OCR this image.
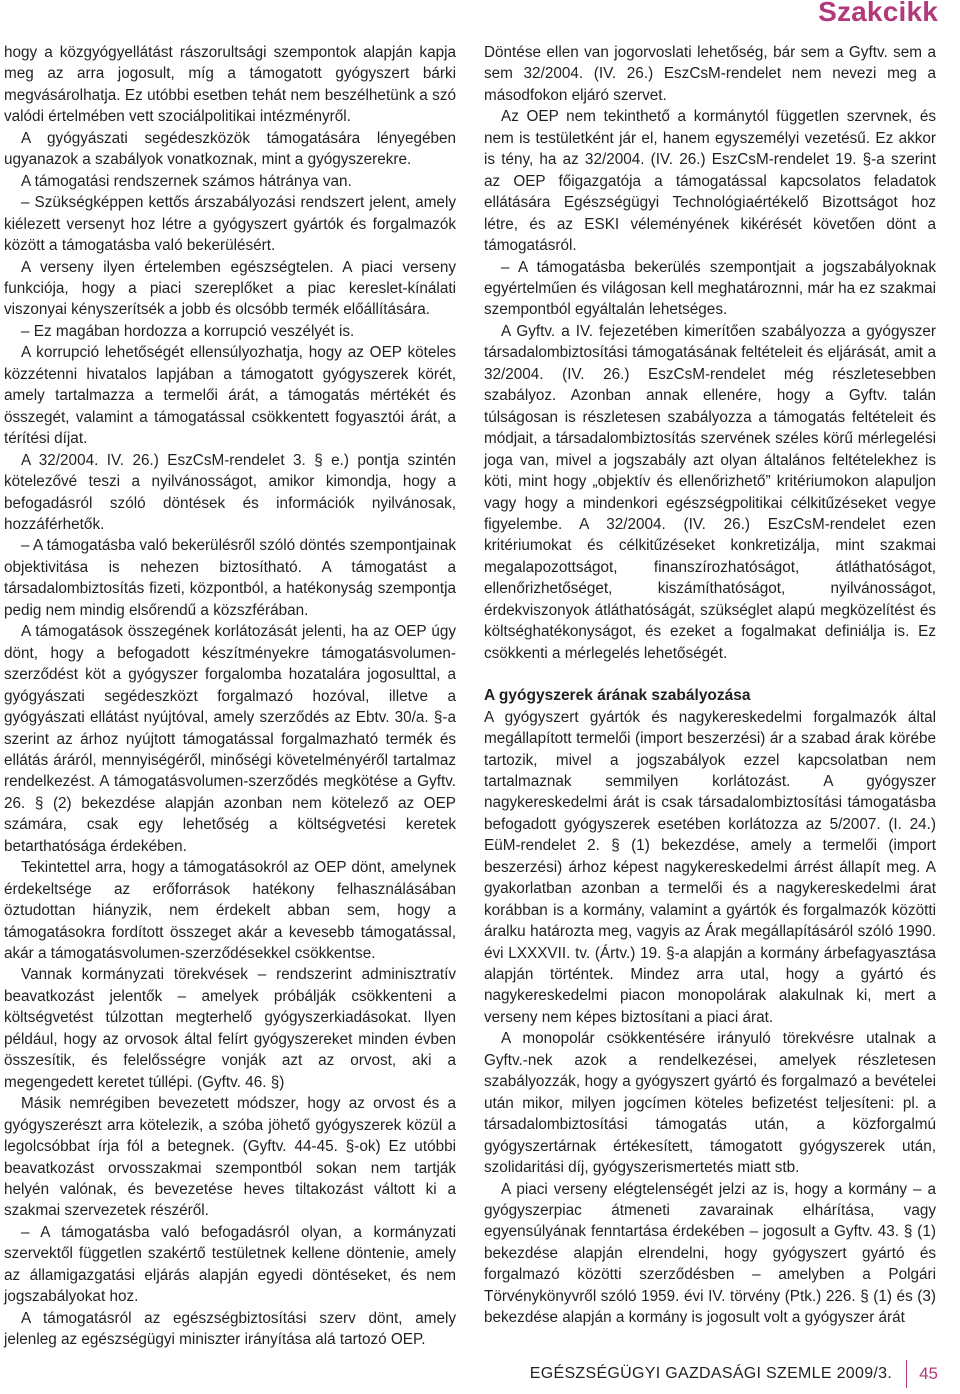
Szakcikk

hogy a közgyógyellátást rászorultsági szempontok alapján kapja meg az arra jogosult, míg a támogatott gyógyszert bárki megvásárolhatja. Ez utóbbi esetben tehát nem beszélhetünk a szó valódi értelmében vett szociálpolitikai intézményről.

A gyógyászati segédeszközök támogatására lényegében ugyanazok a szabályok vonatkoznak, mint a gyógyszerekre.

A támogatási rendszernek számos hátránya van.

– Szükségképpen kettős árszabályozási rendszert jelent, amely kiélezett versenyt hoz létre a gyógyszert gyártók és forgalmazók között a támogatásba való bekerülésért.

A verseny ilyen értelemben egészségtelen. A piaci verseny funkciója, hogy a piaci szereplőket a piac kereslet-kínálati viszonyai kényszerítsék a jobb és olcsóbb termék előállítására.

– Ez magában hordozza a korrupció veszélyét is.

A korrupció lehetőségét ellensúlyozhatja, hogy az OEP köteles közzétenni hivatalos lapjában a támogatott gyógyszerek körét, amely tartalmazza a termelői árát, a támogatás mértékét és összegét, valamint a támogatással csökkentett fogyasztói árát, a térítési díjat.

A 32/2004. IV. 26.) EszCsM-rendelet 3. § e.) pontja szintén kötelezővé teszi a nyilvánosságot, amikor kimondja, hogy a befogadásról szóló döntések és információk nyilvánosak, hozzáférhetők.

– A támogatásba való bekerülésről szóló döntés szempontjainak objektivitása is nehezen biztosítható. A támogatást a társadalombiztosítás fizeti, központból, a hatékonyság szempontja pedig nem mindig elsőrendű a közszférában.

A támogatások összegének korlátozását jelenti, ha az OEP úgy dönt, hogy a befogadott készítményekre támogatásvolumen-szerződést köt a gyógyszer forgalomba hozatalára jogosulttal, a gyógyászati segédeszközt forgalmazó hozóval, illetve a gyógyászati ellátást nyújtóval, amely szerződés az Ebtv. 30/a. §-a szerint az árhoz nyújtott támogatással forgalmazható termék és ellátás áráról, mennyiségéről, minőségi követelményéről tartalmaz rendelkezést. A támogatásvolumen-szerződés megkötése a Gyftv. 26. § (2) bekezdése alapján azonban nem kötelező az OEP számára, csak egy lehetőség a költségvetési keretek betarthatósága érdekében.

Tekintettel arra, hogy a támogatásokról az OEP dönt, amelynek érdekeltsége az erőforrások hatékony felhasználásában öztudottan hiányzik, nem érdekelt abban sem, hogy a támogatásokra fordított összeget akár a kevesebb támogatással, akár a támogatásvolumen-szerződésekkel csökkentse.

Vannak kormányzati törekvések – rendszerint adminisztratív beavatkozást jelentők – amelyek próbálják csökkenteni a költségvetést túlzottan megterhelő gyógyszerkiadásokat. Ilyen például, hogy az orvosok által felírt gyógyszereket minden évben összesítik, és felelősségre vonják azt az orvost, aki a megengedett keretet túllépi. (Gyftv. 46. §)

Másik nemrégiben bevezetett módszer, hogy az orvost és a gyógyszerészt arra kötelezik, a szóba jöhető gyógyszerek közül a legolcsóbbat írja fól a betegnek. (Gyftv. 44-45. §-ok) Ez utóbbi beavatkozást orvosszakmai szempontból sokan nem tartják helyén valónak, és bevezetése heves tiltakozást váltott ki a szakmai szervezetek részéről.

– A támogatásba való befogadásról olyan, a kormányzati szervektől független szakértő testületnek kellene döntenie, amely az államigazgatási eljárás alapján egyedi döntéseket, és nem jogszabályokat hoz.

A támogatásról az egészségbiztosítási szerv dönt, amely jelenleg az egészségügyi miniszter irányítása alá tartozó OEP.

Döntése ellen van jogorvoslati lehetőség, bár sem a Gyftv. sem a sem 32/2004. (IV. 26.) EszCsM-rendelet nem nevezi meg a másodfokon eljáró szervet.

Az OEP nem tekinthető a kormánytól független szervnek, és nem is testületként jár el, hanem egyszemélyi vezetésű. Ez akkor is tény, ha az 32/2004. (IV. 26.) EszCsM-rendelet 19. §-a szerint az OEP főigazgatója a támogatással kapcsolatos feladatok ellátására Egészségügyi Technológiaértékelő Bizottságot hoz létre, és az ESKI véleményének kikérését követően dönt a támogatásról.

– A támogatásba bekerülés szempontjait a jogszabályoknak egyértelműen és világosan kell meghatároznni, már ha ez szakmai szempontból egyáltalán lehetséges.

A Gyftv. a IV. fejezetében kimerítően szabályozza a gyógyszer társadalombiztosítási támogatásának feltételeit és eljárását, amit a 32/2004. (IV. 26.) EszCsM-rendelet még részletesebben szabályoz. Azonban annak ellenére, hogy a Gyftv. talán túlságosan is részletesen szabályozza a támogatás feltételeit és módjait, a társadalombiztosítás szervének széles körű mérlegelési joga van, mivel a jogszabály azt olyan általános feltételekhez is köti, mint hogy „objektív és ellenőrizhető” kritériumokon alapuljon vagy hogy a mindenkori egészségpolitikai célkitűzéseket vegye figyelembe. A 32/2004. (IV. 26.) EszCsM-rendelet ezen kritériumokat és célkitűzéseket konkretizálja, mint szakmai megalapozottságot, finanszírozhatóságot, átláthatóságot, ellenőrizhetőséget, kiszámíthatóságot, nyilvánosságot, érdekviszonyok átláthatóságát, szükséglet alapú megközelítést és költséghatékonyságot, és ezeket a fogalmakat definiálja is. Ez csökkenti a mérlegelés lehetőségét.

A gyógyszerek árának szabályozása

A gyógyszert gyártók és nagykereskedelmi forgalmazók által megállapított termelői (import beszerzési) ár a szabad árak körébe tartozik, mivel a jogszabályok ezzel kapcsolatban nem tartalmaznak semmilyen korlátozást. A gyógyszer nagykereskedelmi árát is csak társadalombiztosítási támogatásba befogadott gyógyszerek esetében korlátozza az 5/2007. (I. 24.) EüM-rendelet 2. § (1) bekezdése, amely a termelői (import beszerzési) árhoz képest nagykereskedelmi árrést állapít meg. A gyakorlatban azonban a termelői és a nagykereskedelmi árat korábban is a kormány, valamint a gyártók és forgalmazók közötti áralku határozta meg, vagyis az Árak megállapításáról szóló 1990. évi LXXXVII. tv. (Ártv.) 19. §-a alapján a kormány árbefagyasztása alapján történtek. Mindez arra utal, hogy a gyártó és nagykereskedelmi piacon monopolárak alakulnak ki, mert a verseny nem képes biztosítani a piaci árat.

A monopolár csökkentésére irányuló törekvésre utalnak a Gyftv.-nek azok a rendelkezései, amelyek részletesen szabályozzák, hogy a gyógyszert gyártó és forgalmazó a bevételei után mikor, milyen jogcímen köteles befizetést teljesíteni: pl. a társadalombiztosítási támogatás után, a közforgalmú gyógyszertárnak értékesített, támogatott gyógyszerek után, szolidaritási díj, gyógyszerismertetés miatt stb.

A piaci verseny elégtelenségét jelzi az is, hogy a kormány – a gyógyszerpiac átmeneti zavarainak elhárítása, vagy egyensúlyának fenntartása érdekében – jogosult a Gyftv. 43. § (1) bekezdése alapján elrendelni, hogy gyógyszert gyártó és forgalmazó közötti szerződésben – amelyben a Polgári Törvénykönyvről szóló 1959. évi IV. törvény (Ptk.) 226. § (1) és (3) bekezdése alapján a kormány is jogosult volt a gyógyszer árát

EGÉSZSÉGÜGYI GAZDASÁGI SZEMLE 2009/3. 45
